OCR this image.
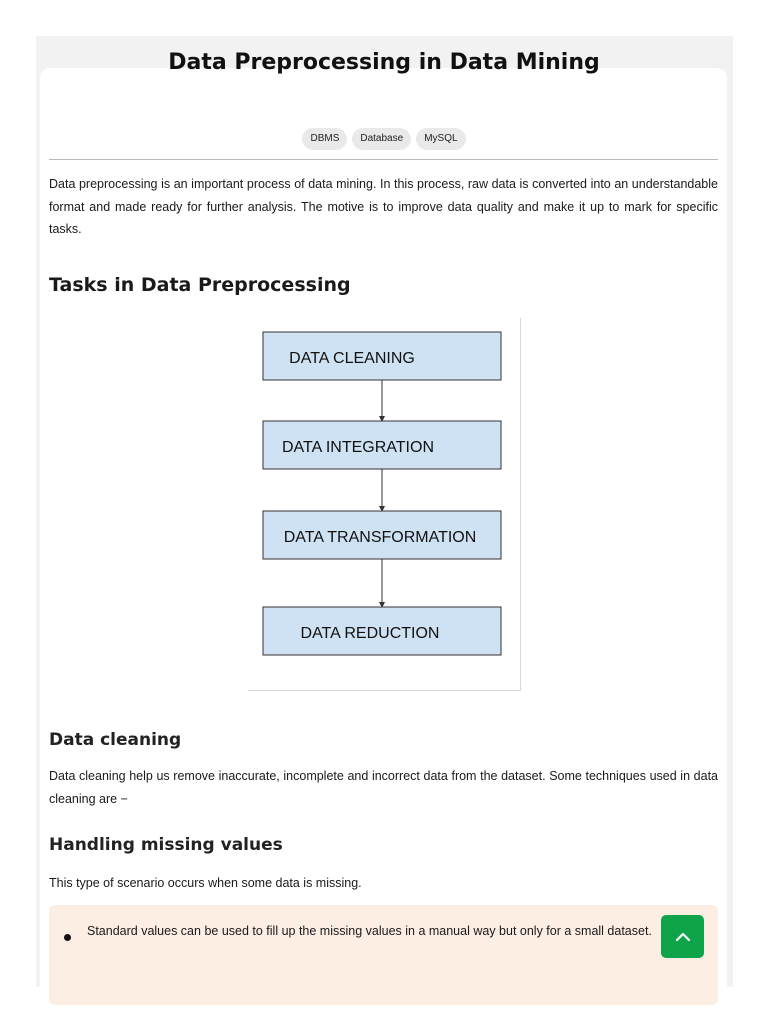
Data Preprocessing in Data Mining
DBMS	Database	MySQL

Data preprocessing is an important process of data mining. In this process, raw data is converted into an understandable format and made ready for further analysis. The motive is to improve data quality and make it up to mark for specific tasks.

Tasks in Data Preprocessing
DATA CLEANING
DATA INTEGRATION
DATA TRANSFORMATION
DATA REDUCTION
Data cleaning

Data cleaning help us remove inaccurate, incomplete and incorrect data from the dataset. Some techniques used in data cleaning are −

Handling missing values

This type of scenario occurs when some data is missing.

Standard values can be used to fill up the missing values in a manual way but only for a small dataset.
